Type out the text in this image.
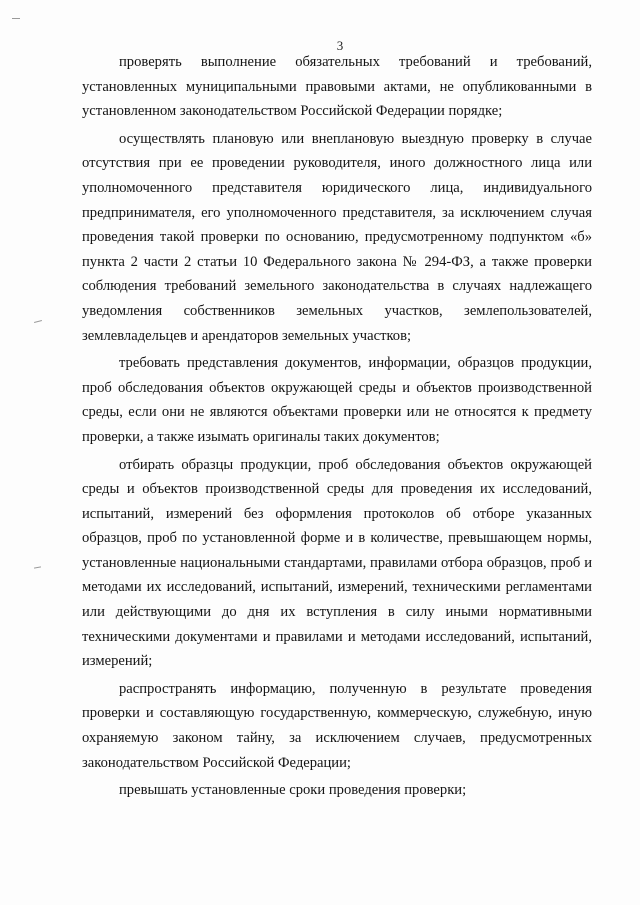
3

проверять выполнение обязательных требований и требований, установленных муниципальными правовыми актами, не опубликованными в установленном законодательством Российской Федерации порядке;

осуществлять плановую или внеплановую выездную проверку в случае отсутствия при ее проведении руководителя, иного должностного лица или уполномоченного представителя юридического лица, индивидуального предпринимателя, его уполномоченного представителя, за исключением случая проведения такой проверки по основанию, предусмотренному подпунктом «б» пункта 2 части 2 статьи 10 Федерального закона № 294-ФЗ, а также проверки соблюдения требований земельного законодательства в случаях надлежащего уведомления собственников земельных участков, землепользователей, землевладельцев и арендаторов земельных участков;

требовать представления документов, информации, образцов продукции, проб обследования объектов окружающей среды и объектов производственной среды, если они не являются объектами проверки или не относятся к предмету проверки, а также изымать оригиналы таких документов;

отбирать образцы продукции, проб обследования объектов окружающей среды и объектов производственной среды для проведения их исследований, испытаний, измерений без оформления протоколов об отборе указанных образцов, проб по установленной форме и в количестве, превышающем нормы, установленные национальными стандартами, правилами отбора образцов, проб и методами их исследований, испытаний, измерений, техническими регламентами или действующими до дня их вступления в силу иными нормативными техническими документами и правилами и методами исследований, испытаний, измерений;

распространять информацию, полученную в результате проведения проверки и составляющую государственную, коммерческую, служебную, иную охраняемую законом тайну, за исключением случаев, предусмотренных законодательством Российской Федерации;

превышать установленные сроки проведения проверки;
